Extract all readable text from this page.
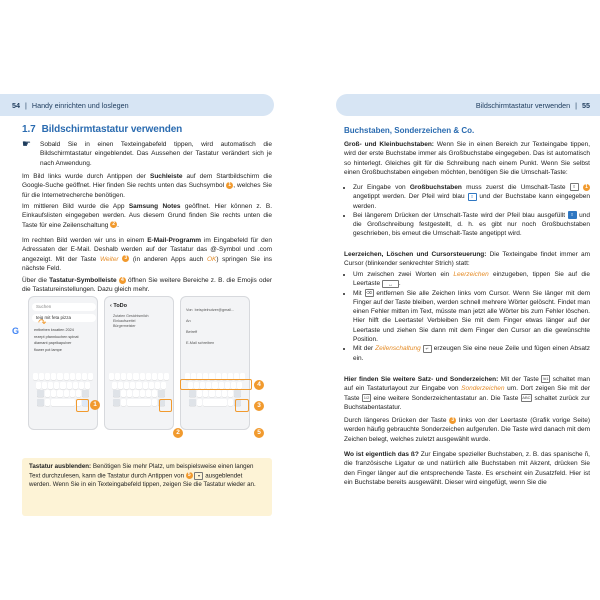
54 | Handy einrichten und loslegen
1.7 Bildschirmtastatur verwenden
☛	Sobald Sie in einen Texteingabefeld tippen, wird automatisch die Bildschirmtastatur eingeblendet. Das Aussehen der Tastatur verändert sich je nach Anwendung.
Im Bild links wurde durch Antippen der Suchleiste auf dem Startbildschirm die Google-Suche geöffnet. Hier finden Sie rechts unten das Suchsymbol 1 , welches Sie für die Internetrecherche benötigen.
Im mittleren Bild wurde die App Samsung Notes geöffnet. Hier können z. B. Einkaufslisten eingegeben werden. Aus diesem Grund finden Sie rechts unten die Taste für eine Zeilenschaltung 2 .
Im rechten Bild werden wir uns in einem E-Mail-Programm im Eingabefeld für den Adressaten der E-Mail. Deshalb werden auf der Tastatur das @-Symbol und .com angezeigt. Mit der Taste Weiter 3 (in anderen Apps auch OK) springen Sie ins nächste Feld.
Über die Tastatur-Symbolleiste 4 öffnen Sie weitere Bereiche z. B. die Emojis oder die Tastatureinstellungen. Dazu gleich mehr.
Suchen
teig mit feta pizza
entbeben kroatien 2024
rezept pfannkuchen spinat
diamant paprikapulver
flower pot lampe
G
↷
1
‹ ToDo
Zutaten Gesichtsmilch
Einkaufszettel
Bürgermeister
2
Von beispielnutzer@gmail...
An
Betreff
E-Mail schreiben
4
3
5
Tastatur ausblenden: Benötigen Sie mehr Platz, um beispielsweise einen langen Text durchzulesen, kann die Tastatur durch Antippen von 5 ▾ ausgeblendet werden. Wenn Sie in ein Texteingabefeld tippen, zeigen Sie die Tastatur wieder an.
Bildschirmtastatur verwenden | 55
Buchstaben, Sonderzeichen & Co.
Groß- und Kleinbuchstaben: Wenn Sie in einen Bereich zur Texteingabe tippen, wird der erste Buchstabe immer als Großbuchstabe eingegeben. Das ist automatisch so hinterlegt. Gleiches gilt für die Schreibung nach einem Punkt. Wenn Sie selbst einen Großbuchstaben eingeben möchten, benötigen Sie die Umschalt-Taste:
• Zur Eingabe von Großbuchstaben muss zuerst die Umschalt-Taste ⇧ 1 angetippt werden. Der Pfeil wird blau ⇧ und der Buchstabe kann eingegeben werden.
• Bei längerem Drücken der Umschalt-Taste wird der Pfeil blau ausgefüllt ⇧ und die Großschreibung festgestellt, d. h. es gibt nur noch Großbuchstaben geschrieben, bis erneut die Umschalt-Taste angetippt wird.
Leerzeichen, Löschen und Cursorsteuerung: Die Texteingabe findet immer am Cursor (blinkender senkrechter Strich) statt:
• Um zwischen zwei Worten ein Leerzeichen einzugeben, tippen Sie auf die Leertaste ␣ .
• Mit ⌫ entfernen Sie alle Zeichen links vom Cursor. Wenn Sie länger mit dem Finger auf der Taste bleiben, werden schnell mehrere Wörter gelöscht. Findet man einen Fehler mitten im Text, müsste man jetzt alle Wörter bis zum Fehler löschen. Hier hilft die Leertaste! Verbleiben Sie mit dem Finger etwas länger auf der Leertaste und ziehen Sie dann mit dem Finger den Cursor an die gewünschte Position.
• Mit der Zeilenschaltung ↵ erzeugen Sie eine neue Zeile und fügen einen Absatz ein.
Hier finden Sie weitere Satz- und Sonderzeichen: Mit der Taste !#1 schaltet man auf ein Tastaturlayout zur Eingabe von Sonderzeichen um. Dort zeigen Sie mit der Taste 1/2 eine weitere Sonderzeichentastatur an. Die Taste ABC schaltet zurück zur Buchstabentastatur.
Durch längeres Drücken der Taste 3 links von der Leertaste (Grafik vorige Seite) werden häufig gebrauchte Sonderzeichen aufgerufen. Die Taste wird danach mit dem Zeichen belegt, welches zuletzt ausgewählt wurde.
Wo ist eigentlich das ß? Zur Eingabe spezieller Buchstaben, z. B. das spanische ñ, die französische Ligatur œ und natürlich alle Buchstaben mit Akzent, drücken Sie den Finger länger auf die entsprechende Taste. Es erscheint ein Zusatzfeld. Hier ist ein Buchstabe bereits ausgewählt. Dieser wird eingefügt, wenn Sie die
